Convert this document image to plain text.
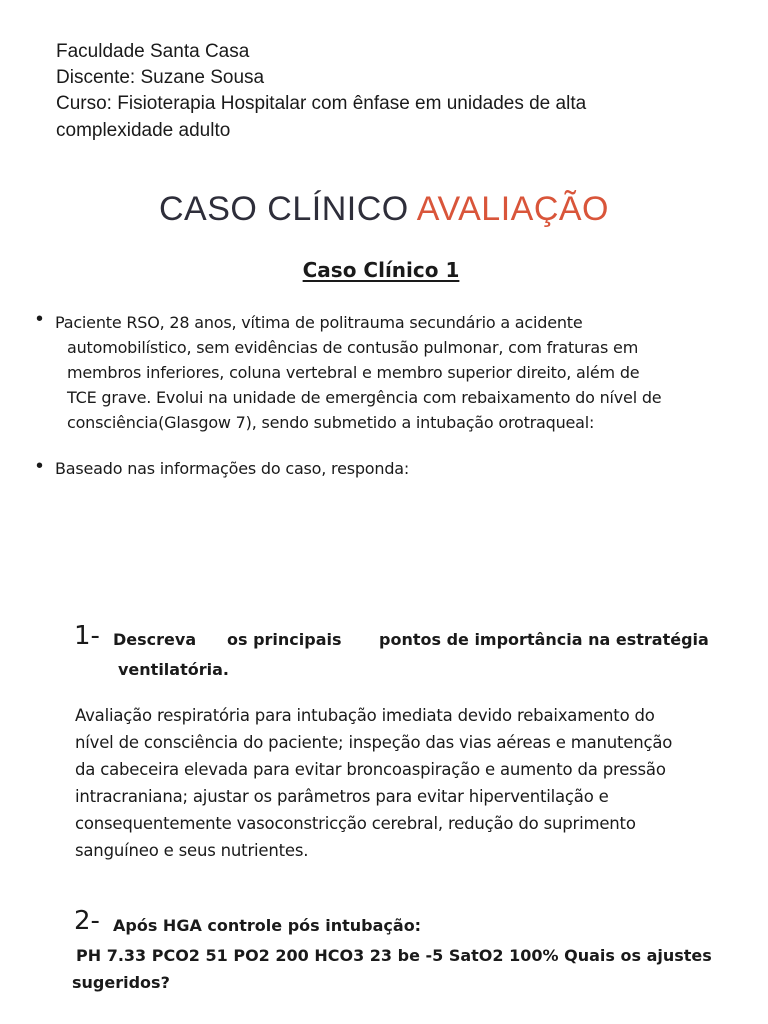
Faculdade Santa Casa
Discente: Suzane Sousa
Curso: Fisioterapia Hospitalar com ênfase em unidades de alta
complexidade adulto
CASO CLÍNICO AVALIAÇÃO
Caso Clínico 1
• Paciente RSO, 28 anos, vítima de politrauma secundário a acidente
automobilístico, sem evidências de contusão pulmonar, com fraturas em
membros inferiores, coluna vertebral e membro superior direito, além de
TCE grave. Evolui na unidade de emergência com rebaixamento do nível de
consciência(Glasgow 7), sendo submetido a intubação orotraqueal:
• Baseado nas informações do caso, responda:
1- Descreva os principais pontos de importância na estratégia
ventilatória.
Avaliação respiratória para intubação imediata devido rebaixamento do
nível de consciência do paciente; inspeção das vias aéreas e manutenção
da cabeceira elevada para evitar broncoaspiração e aumento da pressão
intracraniana; ajustar os parâmetros para evitar hiperventilação e
consequentemente vasoconstricção cerebral, redução do suprimento
sanguíneo e seus nutrientes.
2- Após HGA controle pós intubação:
PH 7.33 PCO2 51 PO2 200 HCO3 23 be -5 SatO2 100% Quais os ajustes
sugeridos?
